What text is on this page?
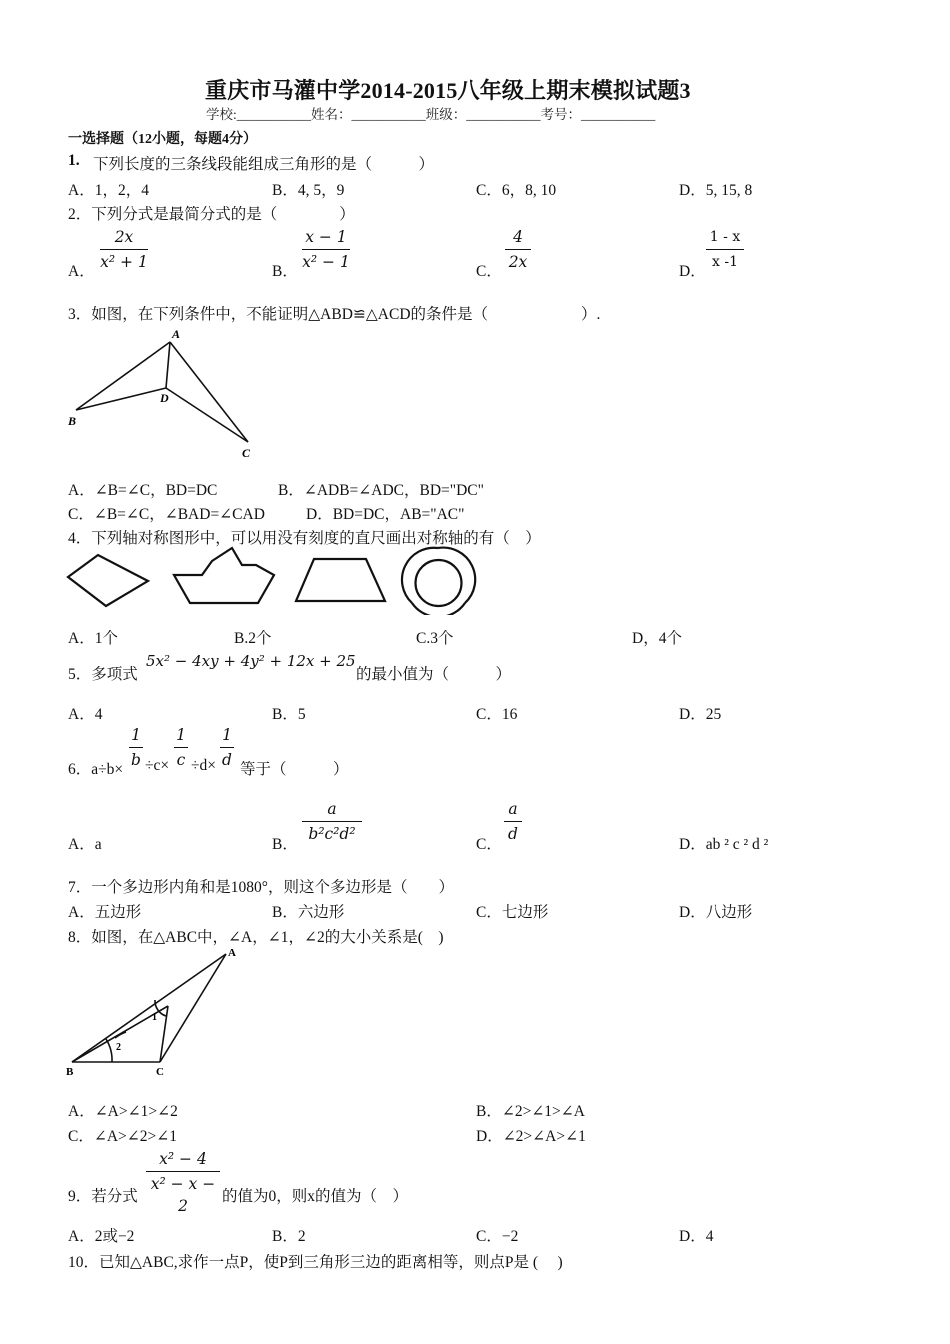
重庆市马灌中学2014-2015八年级上期末模拟试题3
学校:___________姓名：___________班级：___________考号：___________
一选择题（12小题，每题4分）
1. 下列长度的三条线段能组成三角形的是（　　　）
A．1，2，4	B．4, 5，9	C．6，8, 10	D．5, 15, 8
2．下列分式是最简分式的是（　　　　）
A．
2x
x² + 1
B．
x − 1
x² − 1
C．
4
2x
D．
1 - x
x -1
3．如图，在下列条件中，不能证明△ABD≌△ACD的条件是（　　　　　　）.
A
B
C
D
A．∠B=∠C，BD=DC	B．∠ADB=∠ADC，BD="DC"
C．∠B=∠C，∠BAD=∠CAD	D．BD=DC，AB="AC"
4．下列轴对称图形中，可以用没有刻度的直尺画出对称轴的有（　）
A．1个	B.2个	C.3个	D，4个
5．多项式
5x² − 4xy + 4y² + 12x + 25
的最小值为（　　　）
A．4	B．5	C．16	D．25
6．a÷b×
1
b ÷c×
1
c ÷d×
1
d
等于（　　　）
A．a	B．
a
b²c²d²
C．
a
d
D．ab ² c ² d ²
7．一个多边形内角和是1080°，则这个多边形是（　　）
A．五边形	B．六边形	C．七边形	D．八边形
8．如图，在△ABC中，∠A，∠1，∠2的大小关系是(　)
A
B	C
1
2
A．∠A>∠1>∠2	B．∠2>∠1>∠A
C．∠A>∠2>∠1	D．∠2>∠A>∠1
9．若分式
x² − 4
x² − x − 2
的值为0，则x的值为（　）
A．2或−2	B．2	C．−2	D．4
10．已知△ABC,求作一点P，使P到三角形三边的距离相等，则点P是 (　 )
